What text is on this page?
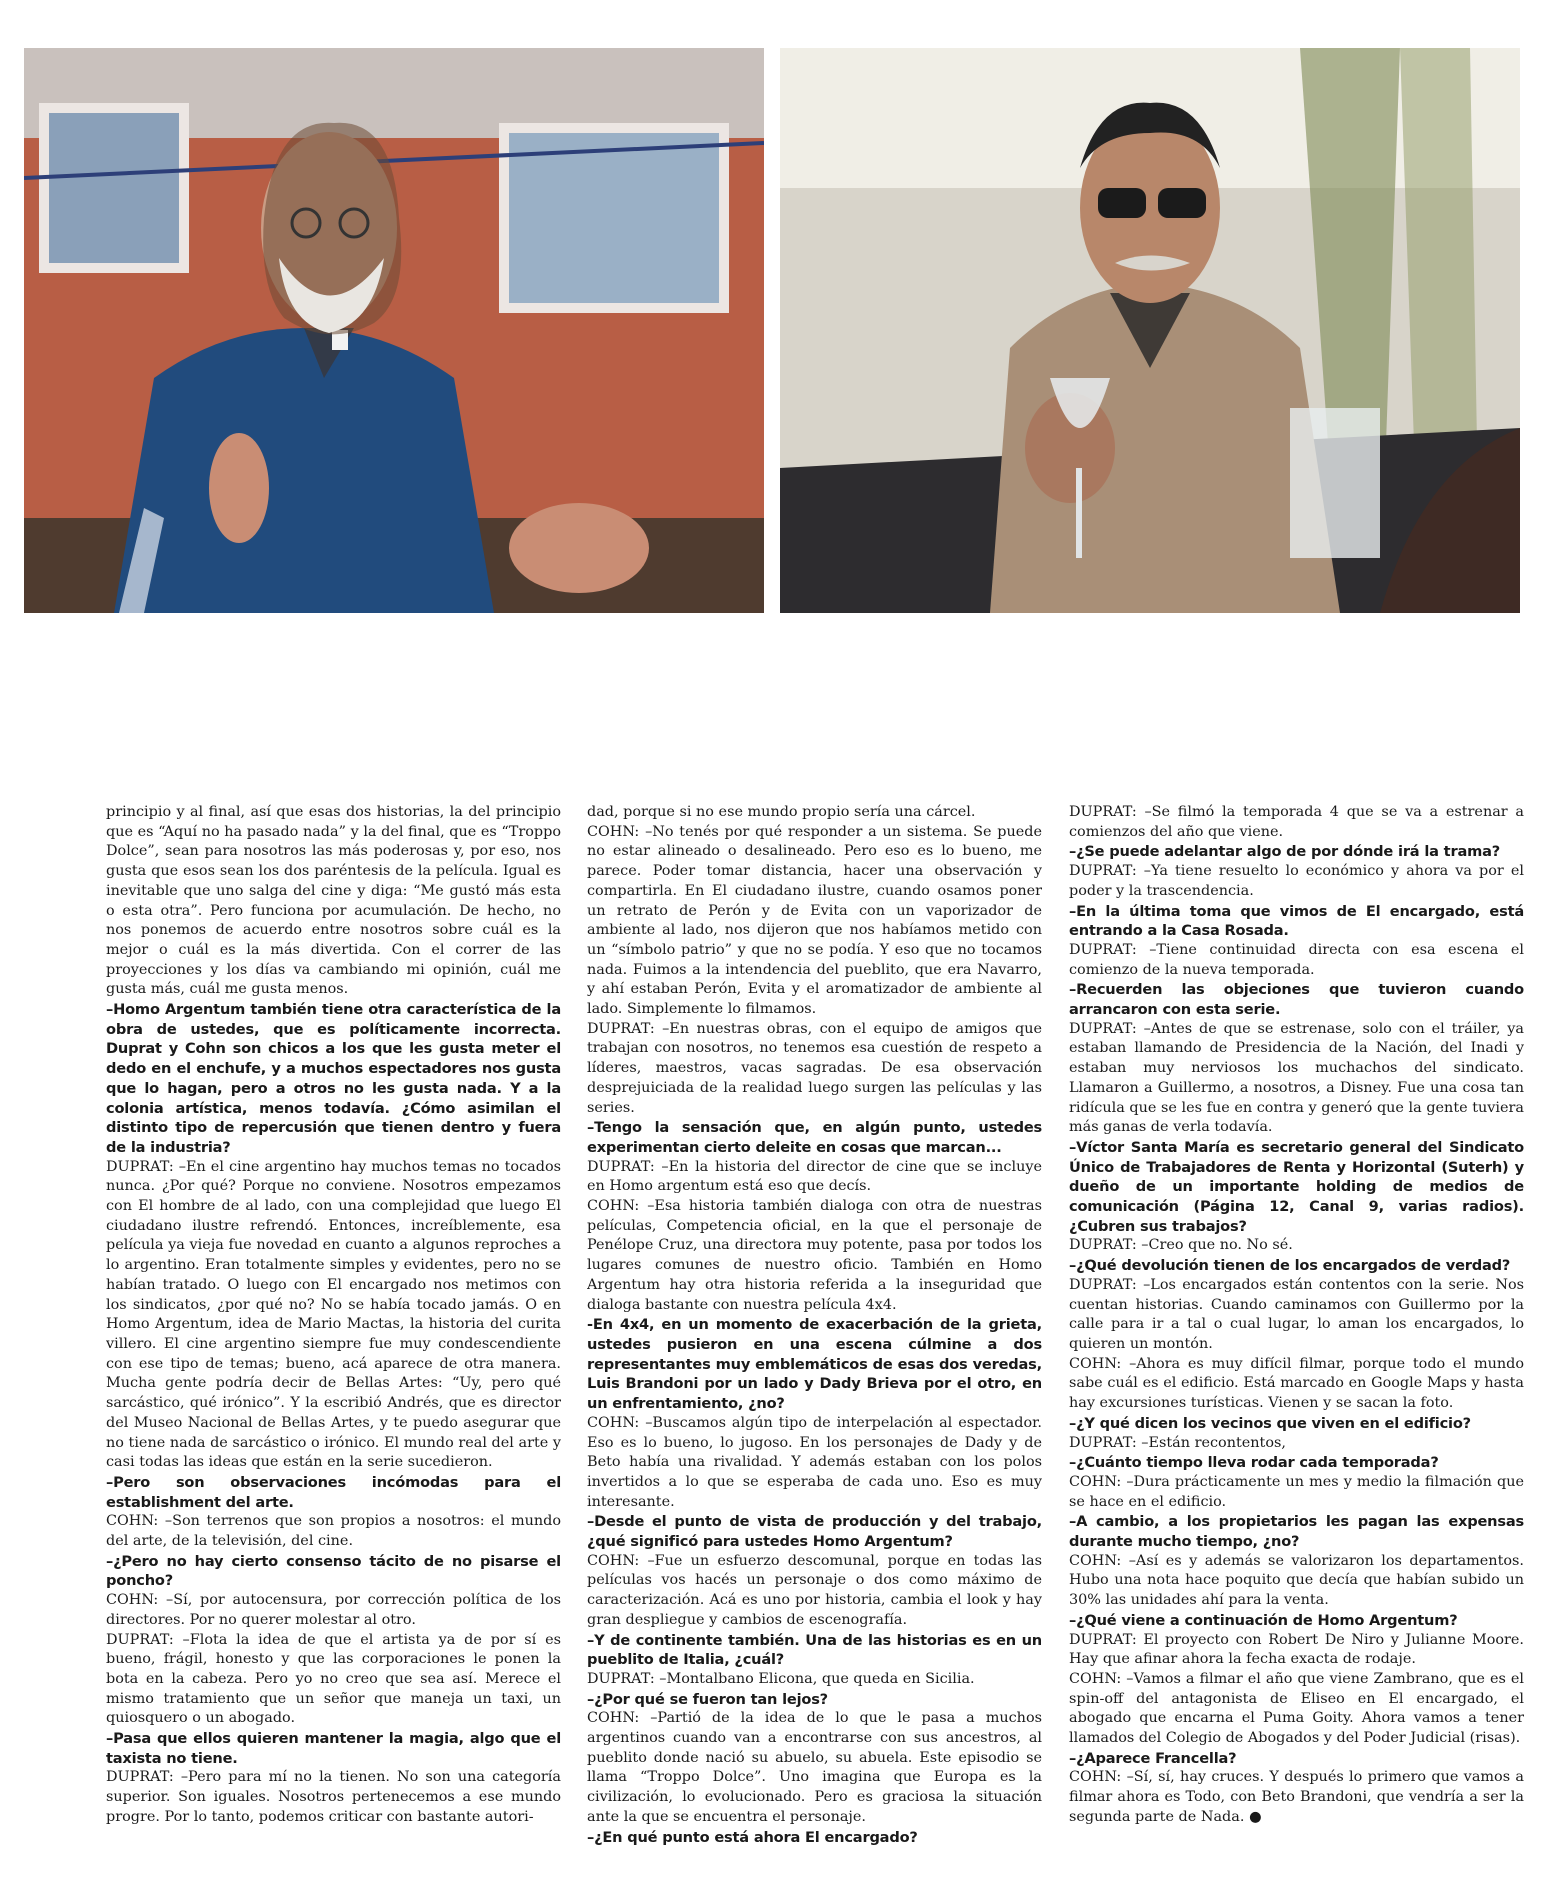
principio y al final, así que esas dos historias, la del principio que es “Aquí no ha pasado nada” y la del final, que es “Troppo Dolce”, sean para nosotros las más poderosas y, por eso, nos gusta que esos sean los dos paréntesis de la película. Igual es inevitable que uno salga del cine y diga: “Me gustó más esta o esta otra”. Pero funciona por acumulación. De hecho, no nos ponemos de acuerdo entre nosotros sobre cuál es la mejor o cuál es la más divertida. Con el correr de las proyecciones y los días va cambiando mi opinión, cuál me gusta más, cuál me gusta menos.

–Homo Argentum también tiene otra característica de la obra de ustedes, que es políticamente incorrecta. Duprat y Cohn son chicos a los que les gusta meter el dedo en el enchufe, y a muchos espectadores nos gusta que lo hagan, pero a otros no les gusta nada. Y a la colonia artística, menos todavía. ¿Cómo asimilan el distinto tipo de repercusión que tienen dentro y fuera de la industria?

DUPRAT: –En el cine argentino hay muchos temas no tocados nunca. ¿Por qué? Porque no conviene. Nosotros empezamos con El hombre de al lado, con una complejidad que luego El ciudadano ilustre refrendó. Entonces, increíblemente, esa película ya vieja fue novedad en cuanto a algunos reproches a lo argentino. Eran totalmente simples y evidentes, pero no se habían tratado. O luego con El encargado nos metimos con los sindicatos, ¿por qué no? No se había tocado jamás. O en Homo Argentum, idea de Mario Mactas, la historia del curita villero. El cine argentino siempre fue muy condescendiente con ese tipo de temas; bueno, acá aparece de otra manera. Mucha gente podría decir de Bellas Artes: “Uy, pero qué sarcástico, qué irónico”. Y la escribió Andrés, que es director del Museo Nacional de Bellas Artes, y te puedo asegurar que no tiene nada de sarcástico o irónico. El mundo real del arte y casi todas las ideas que están en la serie sucedieron.

–Pero son observaciones incómodas para el establishment del arte.

COHN: –Son terrenos que son propios a nosotros: el mundo del arte, de la televisión, del cine.

–¿Pero no hay cierto consenso tácito de no pisarse el poncho?

COHN: –Sí, por autocensura, por corrección política de los directores. Por no querer molestar al otro.

DUPRAT: –Flota la idea de que el artista ya de por sí es bueno, frágil, honesto y que las corporaciones le ponen la bota en la cabeza. Pero yo no creo que sea así. Merece el mismo tratamiento que un señor que maneja un taxi, un quiosquero o un abogado.

–Pasa que ellos quieren mantener la magia, algo que el taxista no tiene.

DUPRAT: –Pero para mí no la tienen. No son una categoría superior. Son iguales. Nosotros pertenecemos a ese mundo progre. Por lo tanto, podemos criticar con bastante autori-

dad, porque si no ese mundo propio sería una cárcel.

COHN: –No tenés por qué responder a un sistema. Se puede no estar alineado o desalineado. Pero eso es lo bueno, me parece. Poder tomar distancia, hacer una observación y compartirla. En El ciudadano ilustre, cuando osamos poner un retrato de Perón y de Evita con un vaporizador de ambiente al lado, nos dijeron que nos habíamos metido con un “símbolo patrio” y que no se podía. Y eso que no tocamos nada. Fuimos a la intendencia del pueblito, que era Navarro, y ahí estaban Perón, Evita y el aromatizador de ambiente al lado. Simplemente lo filmamos.

DUPRAT: –En nuestras obras, con el equipo de amigos que trabajan con nosotros, no tenemos esa cuestión de respeto a líderes, maestros, vacas sagradas. De esa observación desprejuiciada de la realidad luego surgen las películas y las series.

–Tengo la sensación que, en algún punto, ustedes experimentan cierto deleite en cosas que marcan...

DUPRAT: –En la historia del director de cine que se incluye en Homo argentum está eso que decís.

COHN: –Esa historia también dialoga con otra de nuestras películas, Competencia oficial, en la que el personaje de Penélope Cruz, una directora muy potente, pasa por todos los lugares comunes de nuestro oficio. También en Homo Argentum hay otra historia referida a la inseguridad que dialoga bastante con nuestra película 4x4.

-En 4x4, en un momento de exacerbación de la grieta, ustedes pusieron en una escena cúlmine a dos representantes muy emblemáticos de esas dos veredas, Luis Brandoni por un lado y Dady Brieva por el otro, en un enfrentamiento, ¿no?

COHN: –Buscamos algún tipo de interpelación al espectador. Eso es lo bueno, lo jugoso. En los personajes de Dady y de Beto había una rivalidad. Y además estaban con los polos invertidos a lo que se esperaba de cada uno. Eso es muy interesante.

–Desde el punto de vista de producción y del trabajo, ¿qué significó para ustedes Homo Argentum?

COHN: –Fue un esfuerzo descomunal, porque en todas las películas vos hacés un personaje o dos como máximo de caracterización. Acá es uno por historia, cambia el look y hay gran despliegue y cambios de escenografía.

–Y de continente también. Una de las historias es en un pueblito de Italia, ¿cuál?

DUPRAT: –Montalbano Elicona, que queda en Sicilia.

–¿Por qué se fueron tan lejos?

COHN: –Partió de la idea de lo que le pasa a muchos argentinos cuando van a encontrarse con sus ancestros, al pueblito donde nació su abuelo, su abuela. Este episodio se llama “Troppo Dolce”. Uno imagina que Europa es la civilización, lo evolucionado. Pero es graciosa la situación ante la que se encuentra el personaje.

–¿En qué punto está ahora El encargado?

DUPRAT: –Se filmó la temporada 4 que se va a estrenar a comienzos del año que viene.

–¿Se puede adelantar algo de por dónde irá la trama?

DUPRAT: –Ya tiene resuelto lo económico y ahora va por el poder y la trascendencia.

–En la última toma que vimos de El encargado, está entrando a la Casa Rosada.

DUPRAT: –Tiene continuidad directa con esa escena el comienzo de la nueva temporada.

–Recuerden las objeciones que tuvieron cuando arrancaron con esta serie.

DUPRAT: –Antes de que se estrenase, solo con el tráiler, ya estaban llamando de Presidencia de la Nación, del Inadi y estaban muy nerviosos los muchachos del sindicato. Llamaron a Guillermo, a nosotros, a Disney. Fue una cosa tan ridícula que se les fue en contra y generó que la gente tuviera más ganas de verla todavía.

–Víctor Santa María es secretario general del Sindicato Único de Trabajadores de Renta y Horizontal (Suterh) y dueño de un importante holding de medios de comunicación (Página 12, Canal 9, varias radios). ¿Cubren sus trabajos?

DUPRAT: –Creo que no. No sé.

–¿Qué devolución tienen de los encargados de verdad?

DUPRAT: –Los encargados están contentos con la serie. Nos cuentan historias. Cuando caminamos con Guillermo por la calle para ir a tal o cual lugar, lo aman los encargados, lo quieren un montón.

COHN: –Ahora es muy difícil filmar, porque todo el mundo sabe cuál es el edificio. Está marcado en Google Maps y hasta hay excursiones turísticas. Vienen y se sacan la foto.

–¿Y qué dicen los vecinos que viven en el edificio?

DUPRAT: –Están recontentos,

–¿Cuánto tiempo lleva rodar cada temporada?

COHN: –Dura prácticamente un mes y medio la filmación que se hace en el edificio.

–A cambio, a los propietarios les pagan las expensas durante mucho tiempo, ¿no?

COHN: –Así es y además se valorizaron los departamentos. Hubo una nota hace poquito que decía que habían subido un 30% las unidades ahí para la venta.

–¿Qué viene a continuación de Homo Argentum?

DUPRAT: El proyecto con Robert De Niro y Julianne Moore. Hay que afinar ahora la fecha exacta de rodaje.

COHN: –Vamos a filmar el año que viene Zambrano, que es el spin-off del antagonista de Eliseo en El encargado, el abogado que encarna el Puma Goity. Ahora vamos a tener llamados del Colegio de Abogados y del Poder Judicial (risas).

–¿Aparece Francella?

COHN: –Sí, sí, hay cruces. Y después lo primero que vamos a filmar ahora es Todo, con Beto Brandoni, que vendría a ser la segunda parte de Nada. ●
